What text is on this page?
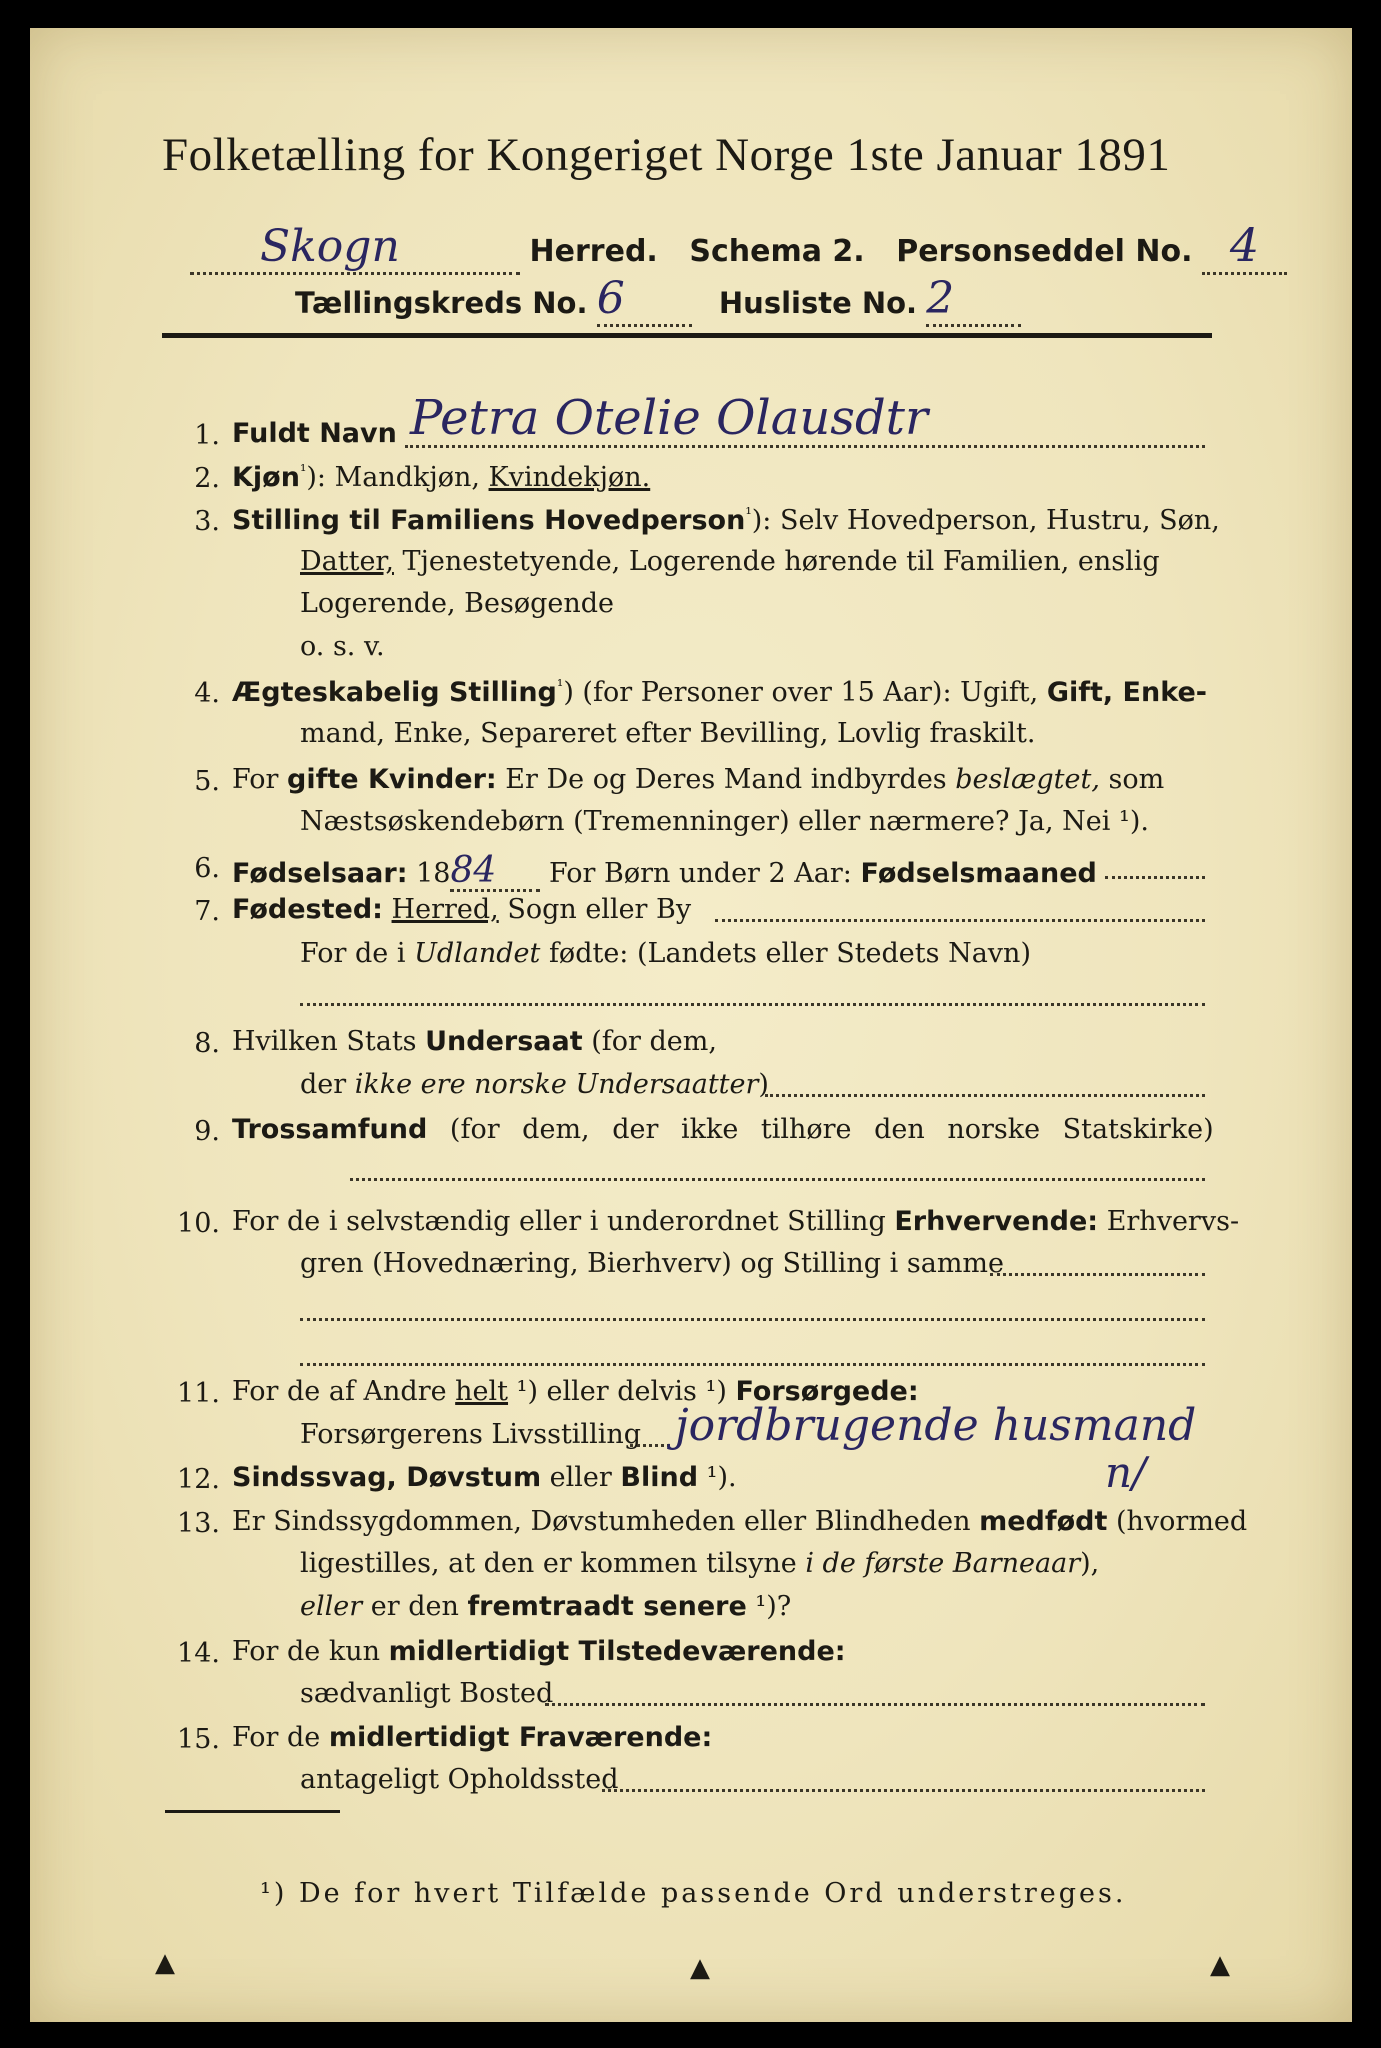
Folketælling for Kongeriget Norge 1ste Januar 1891
Skogn	Herred. Schema 2. Personseddel No. 4
Tællingskreds No. 6	Husliste No. 2
1. Fuldt Navn Petra Otelie Olausdtr
2. Kjøn$^{^1}$): Mandkjøn, Kvindekjøn.
3. Stilling til Familiens Hovedperson$^{^1}$): Selv Hovedperson, Hustru, Søn,
Datter, Tjenestetyende, Logerende hørende til Familien, enslig
Logerende, Besøgende
o. s. v.
4. Ægteskabelig Stilling$^{^1}$) (for Personer over 15 Aar): Ugift, Gift, Enke-
mand, Enke, Separeret efter Bevilling, Lovlig fraskilt.
5. For gifte Kvinder: Er De og Deres Mand indbyrdes beslægtet, som
Næstsøskendebørn (Tremenninger) eller nærmere? Ja, Nei ¹).
6. Fødselsaar: 1884 For Børn under 2 Aar: Fødselsmaaned
7. Fødested: Herred, Sogn eller By
For de i Udlandet fødte: (Landets eller Stedets Navn)
8. Hvilken Stats Undersaat (for dem,
der ikke ere norske Undersaatter)
9. Trossamfund (for dem, der ikke tilhøre den norske Statskirke)
10. For de i selvstændig eller i underordnet Stilling Erhvervende: Erhvervs-
gren (Hovednæring, Bierhverv) og Stilling i samme
11. For de af Andre helt ¹) eller delvis ¹) Forsørgede:
Forsørgerens Livsstilling jordbrugende husmand
12. Sindssvag, Døvstum eller Blind ¹).	n/
13. Er Sindssygdommen, Døvstumheden eller Blindheden medfødt (hvormed
ligestilles, at den er kommen tilsyne i de første Barneaar),
eller er den fremtraadt senere ¹)?
14. For de kun midlertidigt Tilstedeværende:
sædvanligt Bosted
15. For de midlertidigt Fraværende:
antageligt Opholdssted
¹) De for hvert Tilfælde passende Ord understreges.
▲	▲	▲
